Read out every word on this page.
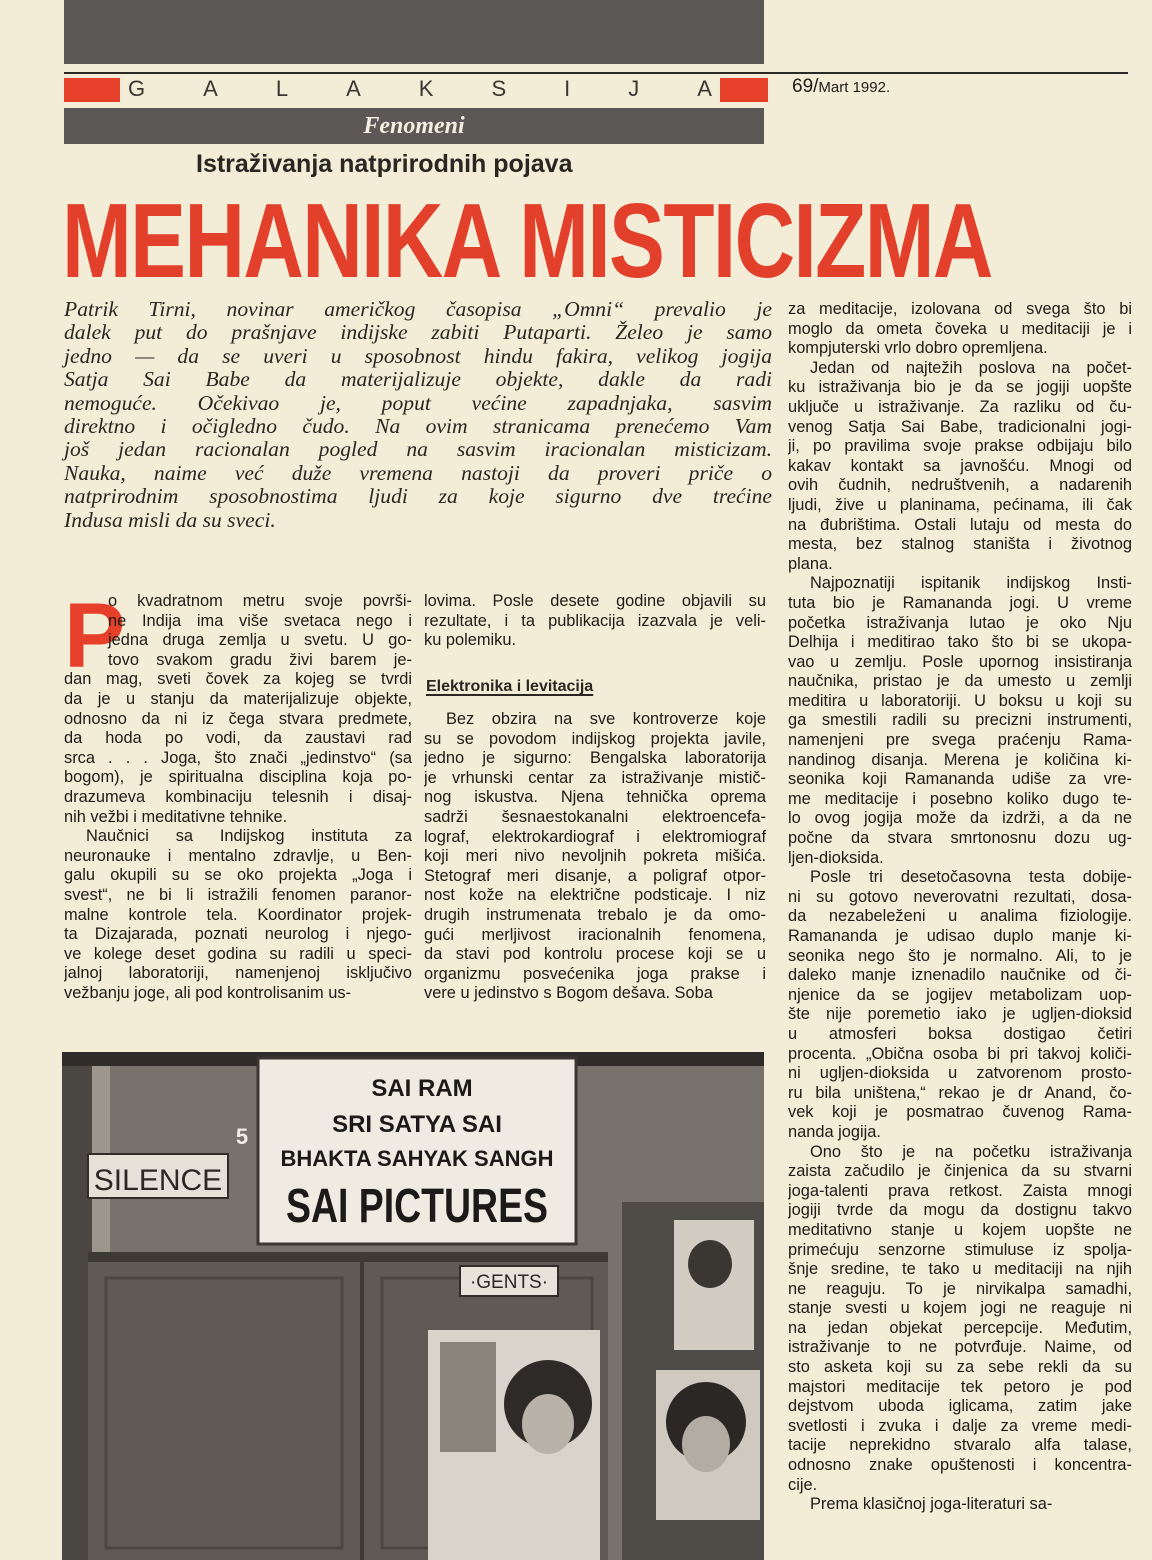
G	A	L	A	K	S	I	J	A	69/Mart 1992.
Fenomeni
Istraživanja natprirodnih pojava
MEHANIKA MISTICIZMA
Patrik Tirni, novinar američkog časopisa „Omni“ prevalio je
dalek put do prašnjave indijske zabiti Putaparti. Želeo je samo
jedno — da se uveri u sposobnost hindu fakira, velikog jogija
Satja Sai Babe da materijalizuje objekte, dakle da radi
nemoguće. Očekivao je, poput većine zapadnjaka, sasvim
direktno i očigledno čudo. Na ovim stranicama prenećemo Vam
još jedan racionalan pogled na sasvim iracionalan misticizam.
Nauka, naime već duže vremena nastoji da proveri priče o
natprirodnim sposobnostima ljudi za koje sigurno dve trećine
Indusa misli da su sveci.
P
o kvadratnom metru svoje površi-
ne Indija ima više svetaca nego i
jedna druga zemlja u svetu. U go-
tovo svakom gradu živi barem je-
dan mag, sveti čovek za kojeg se tvrdi
da je u stanju da materijalizuje objekte,
odnosno da ni iz čega stvara predmete,
da hoda po vodi, da zaustavi rad
srca . . . Joga, što znači „jedinstvo“ (sa
bogom), je spiritualna disciplina koja po-
drazumeva kombinaciju telesnih i disaj-
nih vežbi i meditativne tehnike.
Naučnici sa Indijskog instituta za
neuronauke i mentalno zdravlje, u Ben-
galu okupili su se oko projekta „Joga i
svest“, ne bi li istražili fenomen paranor-
malne kontrole tela. Koordinator projek-
ta Dizajarada, poznati neurolog i njego-
ve kolege deset godina su radili u speci-
jalnoj laboratoriji, namenjenoj isključivo
vežbanju joge, ali pod kontrolisanim us-
lovima. Posle desete godine objavili su
rezultate, i ta publikacija izazvala je veli-
ku polemiku.
Elektronika i levitacija
Bez obzira na sve kontroverze koje
su se povodom indijskog projekta javile,
jedno je sigurno: Bengalska laboratorija
je vrhunski centar za istraživanje mistič-
nog iskustva. Njena tehnička oprema
sadrži šesnaestokanalni elektroencefa-
lograf, elektrokardiograf i elektromiograf
koji meri nivo nevoljnih pokreta mišića.
Stetograf meri disanje, a poligraf otpor-
nost kože na električne podsticaje. I niz
drugih instrumenata trebalo je da omo-
gući merljivost iracionalnih fenomena,
da stavi pod kontrolu procese koji se u
organizmu posvećenika joga prakse i
vere u jedinstvo s Bogom dešava. Soba
za meditacije, izolovana od svega što bi
moglo da ometa čoveka u meditaciji je i
kompjuterski vrlo dobro opremljena.
Jedan od najtežih poslova na počet-
ku istraživanja bio je da se jogiji uopšte
uključe u istraživanje. Za razliku od ču-
venog Satja Sai Babe, tradicionalni jogi-
ji, po pravilima svoje prakse odbijaju bilo
kakav kontakt sa javnošću. Mnogi od
ovih čudnih, nedruštvenih, a nadarenih
ljudi, žive u planinama, pećinama, ili čak
na đubrištima. Ostali lutaju od mesta do
mesta, bez stalnog staništa i životnog
plana.
Najpoznatiji ispitanik indijskog Insti-
tuta bio je Ramananda jogi. U vreme
početka istraživanja lutao je oko Nju
Delhija i meditirao tako što bi se ukopa-
vao u zemlju. Posle upornog insistiranja
naučnika, pristao je da umesto u zemlji
meditira u laboratoriji. U boksu u koji su
ga smestili radili su precizni instrumenti,
namenjeni pre svega praćenju Rama-
nandinog disanja. Merena je količina ki-
seonika koji Ramananda udiše za vre-
me meditacije i posebno koliko dugo te-
lo ovog jogija može da izdrži, a da ne
počne da stvara smrtonosnu dozu ug-
ljen-dioksida.
Posle tri desetočasovna testa dobije-
ni su gotovo neverovatni rezultati, dosa-
da nezabeleženi u analima fiziologije.
Ramananda je udisao duplo manje ki-
seonika nego što je normalno. Ali, to je
daleko manje iznenadilo naučnike od či-
njenice da se jogijev metabolizam uop-
šte nije poremetio iako je ugljen-dioksid
u atmosferi boksa dostigao četiri
procenta. „Obična osoba bi pri takvoj količi-
ni ugljen-dioksida u zatvorenom prosto-
ru bila uništena,“ rekao je dr Anand, čo-
vek koji je posmatrao čuvenog Rama-
nanda jogija.
Ono što je na početku istraživanja
zaista začudilo je činjenica da su stvarni
joga-talenti prava retkost. Zaista mnogi
jogiji tvrde da mogu da dostignu takvo
meditativno stanje u kojem uopšte ne
primećuju senzorne stimuluse iz spolja-
šnje sredine, te tako u meditaciji na njih
ne reaguju. To je nirvikalpa samadhi,
stanje svesti u kojem jogi ne reaguje ni
na jedan objekat percepcije. Međutim,
istraživanje to ne potvrđuje. Naime, od
sto asketa koji su za sebe rekli da su
majstori meditacije tek petoro je pod
dejstvom uboda iglicama, zatim jake
svetlosti i zvuka i dalje za vreme medi-
tacije neprekidno stvaralo alfa talase,
odnosno znake opuštenosti i koncentra-
cije.
Prema klasičnoj joga-literaturi sa-
SAI RAM
SRI SATYA SAI
BHAKTA SAHYAK SANGH
SAI PICTURES
SILENCE
5
·GENTS·
